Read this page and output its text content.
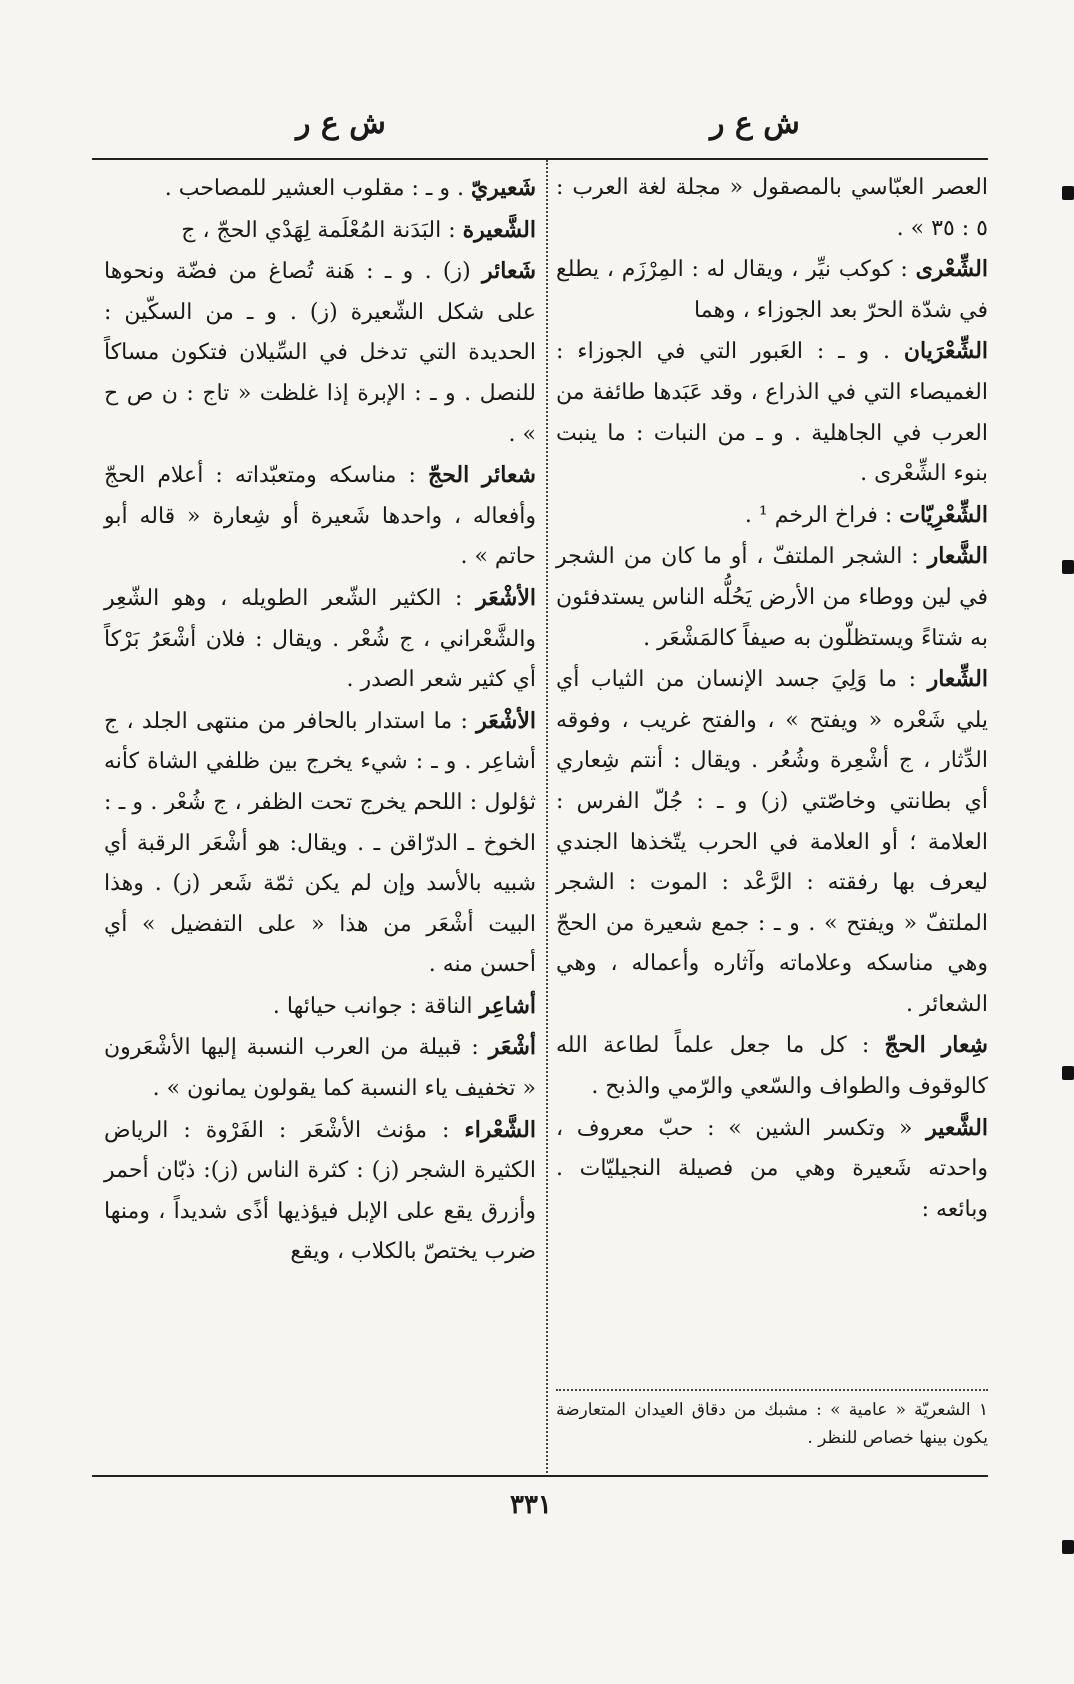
ش ع ر
ش ع ر

العصر العبّاسي بالمصقول « مجلة لغة العرب : ٥ : ٣٥ » .

الشِّعْرى : كوكب نيِّر ، ويقال له : المِرْزَم ، يطلع في شدّة الحرّ بعد الجوزاء ، وهما

الشِّعْرَيان . و ـ : العَبور التي في الجوزاء : الغميصاء التي في الذراع ، وقد عَبَدها طائفة من العرب في الجاهلية . و ـ من النبات : ما ينبت بنوء الشِّعْرى .

الشِّعْرِيّات : فراخ الرخم ¹ .

الشَّعار : الشجر الملتفّ ، أو ما كان من الشجر في لين ووطاء من الأرض يَحُلُّه الناس يستدفئون به شتاءً ويستظلّون به صيفاً كالمَشْعَر .

الشِّعار : ما وَلِيَ جسد الإنسان من الثياب أي يلي شَعْره « ويفتح » ، والفتح غريب ، وفوقه الدِّثار ، ج أشْعِرة وشُعُر . ويقال : أنتم شِعاري أي بطانتي وخاصّتي (ز) و ـ : جُلّ الفرس : العلامة ؛ أو العلامة في الحرب يتّخذها الجندي ليعرف بها رفقته : الرَّعْد : الموت : الشجر الملتفّ « ويفتح » . و ـ : جمع شعيرة من الحجّ وهي مناسكه وعلاماته وآثاره وأعماله ، وهي الشعائر .

شِعار الحجّ : كل ما جعل علماً لطاعة الله كالوقوف والطواف والسّعي والرّمي والذبح .

الشَّعير « وتكسر الشين » : حبّ معروف ، واحدته شَعيرة وهي من فصيلة النجيليّات . وبائعه :

شَعيريّ . و ـ : مقلوب العشير للمصاحب .

الشَّعيرة : البَدَنة المُعْلَمة لِهَدْي الحجّ ، ج

شَعائر (ز) . و ـ : هَنة تُصاغ من فضّة ونحوها على شكل الشّعيرة (ز) . و ـ من السكّين : الحديدة التي تدخل في السِّيلان فتكون مساكاً للنصل . و ـ : الإبرة إذا غلظت « تاج : ن ص ح » .

شعائر الحجّ : مناسكه ومتعبّداته : أعلام الحجّ وأفعاله ، واحدها شَعيرة أو شِعارة « قاله أبو حاتم » .

الأشْعَر : الكثير الشّعر الطويله ، وهو الشّعِر والشَّعْراني ، ج شُعْر . ويقال : فلان أشْعَرُ بَرْكاً أي كثير شعر الصدر .

الأشْعَر : ما استدار بالحافر من منتهى الجلد ، ج أشاعِر . و ـ : شيء يخرج بين ظلفي الشاة كأنه ثؤلول : اللحم يخرج تحت الظفر ، ج شُعْر . و ـ : الخوخ ـ الدرّاقن ـ . ويقال: هو أشْعَر الرقبة أي شبيه بالأسد وإن لم يكن ثمّة شَعر (ز) . وهذا البيت أشْعَر من هذا « على التفضيل » أي أحسن منه .

أشاعِر الناقة : جوانب حيائها .

أشْعَر : قبيلة من العرب النسبة إليها الأشْعَرون « تخفيف ياء النسبة كما يقولون يمانون » .

الشَّعْراء : مؤنث الأشْعَر : الفَرْوة : الرياض الكثيرة الشجر (ز) : كثرة الناس (ز): ذبّان أحمر وأزرق يقع على الإبل فيؤذيها أذًى شديداً ، ومنها ضرب يختصّ بالكلاب ، ويقع

١ الشعريّة « عامية » : مشبك من دقاق العيدان المتعارضة يكون بينها خصاص للنظر .
٣٣١
